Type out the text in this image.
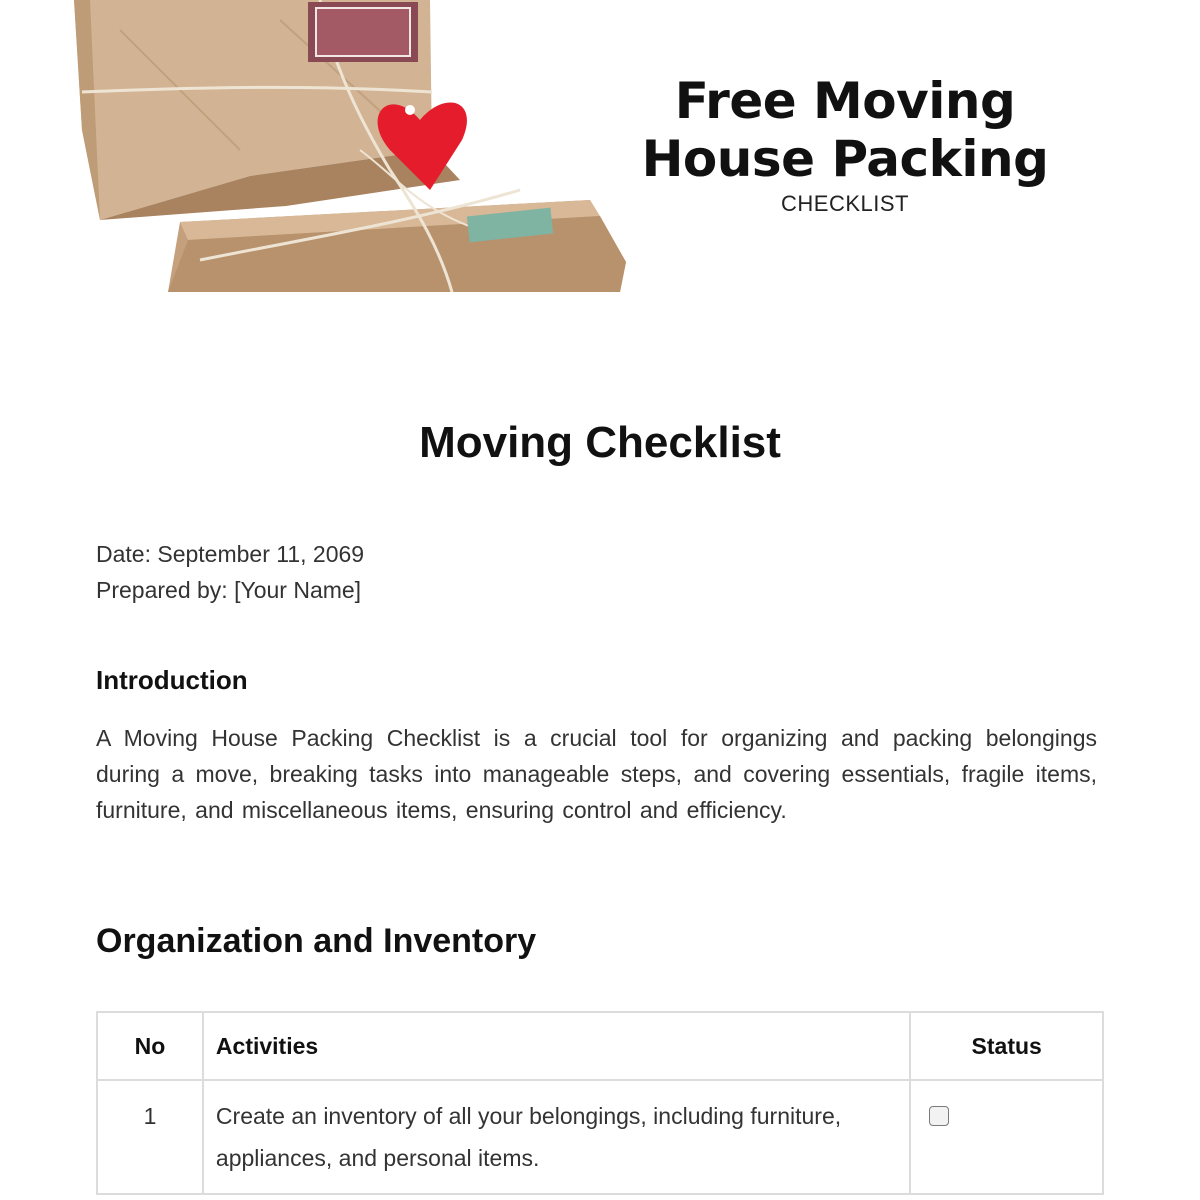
Free Moving
House Packing
CHECKLIST
Moving Checklist
Date: September 11, 2069
Prepared by: [Your Name]
Introduction

A Moving House Packing Checklist is a crucial tool for organizing and packing belongings during a move, breaking tasks into manageable steps, and covering essentials, fragile items, furniture, and miscellaneous items, ensuring control and efficiency.

Organization and Inventory
No	Activities	Status
1	Create an inventory of all your belongings, including furniture, appliances, and personal items.	
